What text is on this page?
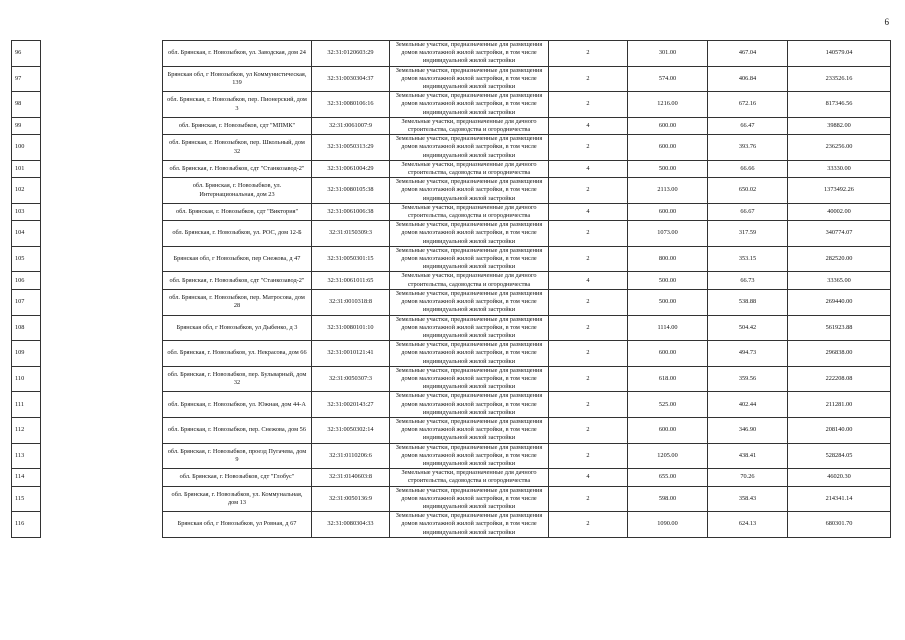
6
96		обл. Брянская, г. Новозыбков, ул. Заводская, дом 24	32:31:0120603:29	Земельные участки, предназначенные для размещения домов малоэтажной жилой застройки, в том числе индивидуальной жилой застройки	2	301.00	467.04	140579.04
97		Брянская обл, г Новозыбков, ул Коммунистическая, 139	32:31:0030304:37	Земельные участки, предназначенные для размещения домов малоэтажной жилой застройки, в том числе индивидуальной жилой застройки	2	574.00	406.84	233526.16
98		обл. Брянская, г. Новозыбков, пер. Пионерский, дом 3	32:31:0080106:16	Земельные участки, предназначенные для размещения домов малоэтажной жилой застройки, в том числе индивидуальной жилой застройки	2	1216.00	672.16	817346.56
99		обл. Брянская, г. Новозыбков, сдт "МПМК"	32:31:0061007:9	Земельные участки, предназначенные для дачного строительства, садоводства и огородничества	4	600.00	66.47	39882.00
100		обл. Брянская, г. Новозыбков, пер. Школьный, дом 32	32:31:0050313:29	Земельные участки, предназначенные для размещения домов малоэтажной жилой застройки, в том числе индивидуальной жилой застройки	2	600.00	393.76	236256.00
101		обл. Брянская, г. Новозыбков, сдт "Станкозавод-2"	32:31:0061004:29	Земельные участки, предназначенные для дачного строительства, садоводства и огородничества	4	500.00	66.66	33330.00
102		обл. Брянская, г. Новозыбков, ул. Интернациональная, дом 23	32:31:0080105:38	Земельные участки, предназначенные для размещения домов малоэтажной жилой застройки, в том числе индивидуальной жилой застройки	2	2113.00	650.02	1373492.26
103		обл. Брянская, г. Новозыбков, сдт "Виктория"	32:31:0061006:38	Земельные участки, предназначенные для дачного строительства, садоводства и огородничества	4	600.00	66.67	40002.00
104		обл. Брянская, г. Новозыбков, ул. РОС, дом 12-Б	32:31:0150309:3	Земельные участки, предназначенные для размещения домов малоэтажной жилой застройки, в том числе индивидуальной жилой застройки	2	1073.00	317.59	340774.07
105		Брянская обл, г Новозыбков, пер Снежова, д 47	32:31:0050301:15	Земельные участки, предназначенные для размещения домов малоэтажной жилой застройки, в том числе индивидуальной жилой застройки	2	800.00	353.15	282520.00
106		обл. Брянская, г. Новозыбков, сдт "Станкозавод-2"	32:31:0061011:65	Земельные участки, предназначенные для дачного строительства, садоводства и огородничества	4	500.00	66.73	33365.00
107		обл. Брянская, г. Новозыбков, пер. Матросова, дом 28	32:31:0010318:8	Земельные участки, предназначенные для размещения домов малоэтажной жилой застройки, в том числе индивидуальной жилой застройки	2	500.00	538.88	269440.00
108		Брянская обл, г Новозыбков, ул Дыбенко, д 3	32:31:0080101:10	Земельные участки, предназначенные для размещения домов малоэтажной жилой застройки, в том числе индивидуальной жилой застройки	2	1114.00	504.42	561923.88
109		обл. Брянская, г. Новозыбков, ул. Некрасова, дом 66	32:31:0010121:41	Земельные участки, предназначенные для размещения домов малоэтажной жилой застройки, в том числе индивидуальной жилой застройки	2	600.00	494.73	296838.00
110		обл. Брянская, г. Новозыбков, пер. Бульварный, дом 32	32:31:0050307:3	Земельные участки, предназначенные для размещения домов малоэтажной жилой застройки, в том числе индивидуальной жилой застройки	2	618.00	359.56	222208.08
111		обл. Брянская, г. Новозыбков, ул. Южная, дом 44-А	32:31:0020143:27	Земельные участки, предназначенные для размещения домов малоэтажной жилой застройки, в том числе индивидуальной жилой застройки	2	525.00	402.44	211281.00
112		обл. Брянская, г. Новозыбков, пер. Снежова, дом 56	32:31:0050302:14	Земельные участки, предназначенные для размещения домов малоэтажной жилой застройки, в том числе индивидуальной жилой застройки	2	600.00	346.90	208140.00
113		обл. Брянская, г. Новозыбков, проезд Пугачева, дом 9	32:31:0110206:6	Земельные участки, предназначенные для размещения домов малоэтажной жилой застройки, в том числе индивидуальной жилой застройки	2	1205.00	438.41	528284.05
114		обл. Брянская, г. Новозыбков, сдт "Глобус"	32:31:0140603:8	Земельные участки, предназначенные для дачного строительства, садоводства и огородничества	4	655.00	70.26	46020.30
115		обл. Брянская, г. Новозыбков, ул. Коммунальная, дом 13	32:31:0050136:9	Земельные участки, предназначенные для размещения домов малоэтажной жилой застройки, в том числе индивидуальной жилой застройки	2	598.00	358.43	214341.14
116		Брянская обл, г Новозыбков, ул Ровная, д 67	32:31:0080304:33	Земельные участки, предназначенные для размещения домов малоэтажной жилой застройки, в том числе индивидуальной жилой застройки	2	1090.00	624.13	680301.70
